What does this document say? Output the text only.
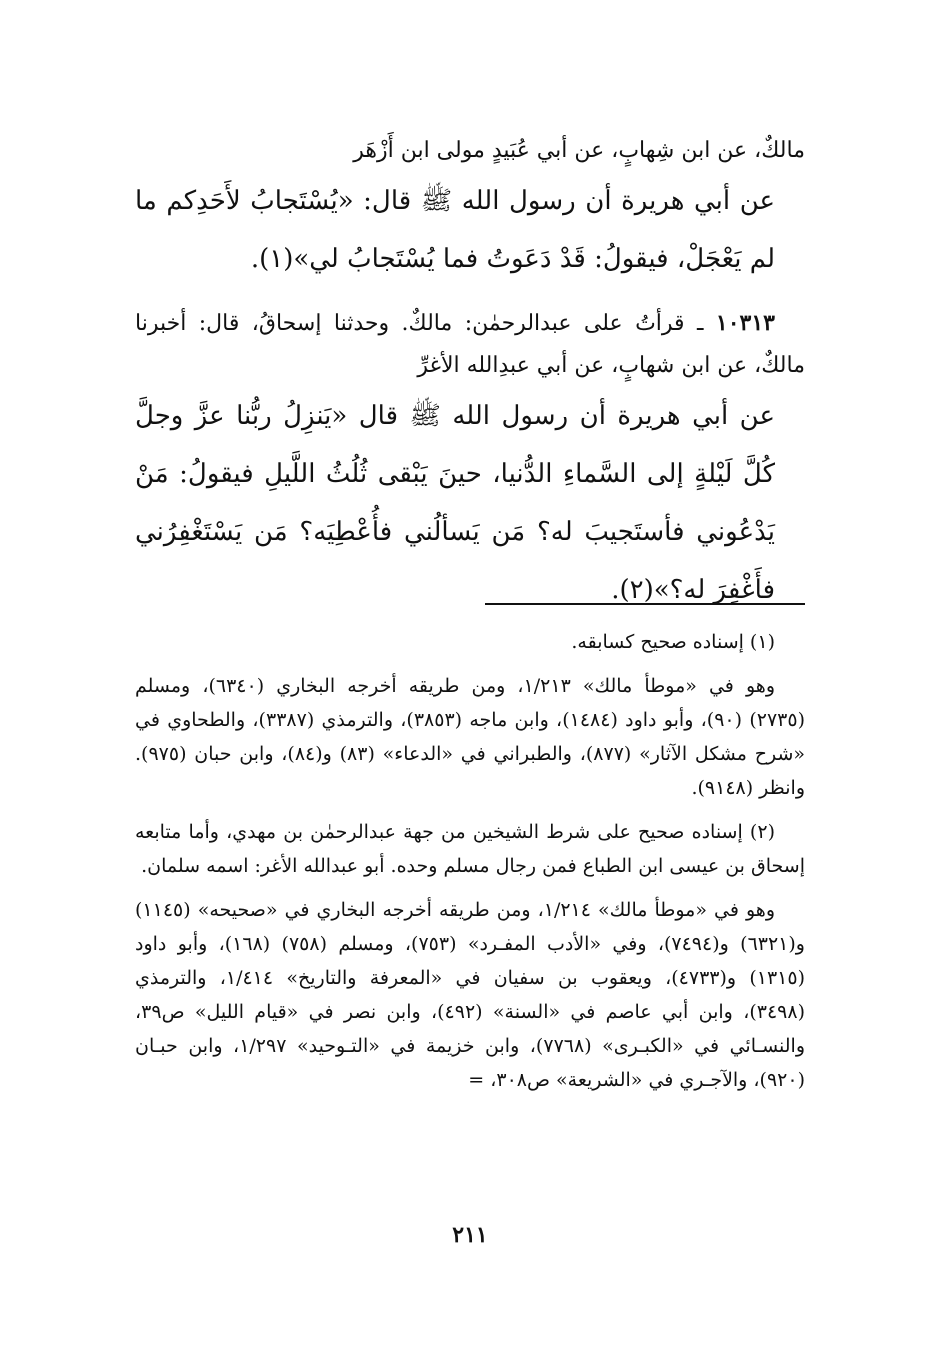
مالكٌ، عن ابن شِهابٍ، عن أبي عُبَيدٍ مولى ابن أَزْهَر

عن أبي هريرة أن رسول الله ﷺ قال: «يُسْتَجابُ لأَحَدِكم ما لم يَعْجَلْ، فيقولُ: قَدْ دَعَوتُ فما يُسْتَجابُ لي»(١).

١٠٣١٣ ـ قرأتُ على عبدالرحمٰن: مالكٌ. وحدثنا إسحاقُ، قال: أخبرنا مالكٌ، عن ابن شهابٍ، عن أبي عبدِالله الأغرِّ

عن أبي هريرة أن رسول الله ﷺ قال «يَنزِلُ ربُّنا عزَّ وجلَّ كُلَّ لَيْلةٍ إلى السَّماءِ الدُّنيا، حينَ يَبْقى ثُلُثُ اللَّيلِ فيقولُ: مَنْ يَدْعُوني فأستَجيبَ له؟ مَن يَسألُني فأُعْطِيَه؟ مَن يَسْتَغْفِرُني فأَغْفِرَ له؟»(٢).

(١) إسناده صحيح كسابقه.

وهو في «موطأ مالك» ١/٢١٣، ومن طريقه أخرجه البخاري (٦٣٤٠)، ومسلم (٢٧٣٥) (٩٠)، وأبو داود (١٤٨٤)، وابن ماجه (٣٨٥٣)، والترمذي (٣٣٨٧)، والطحاوي في «شرح مشكل الآثار» (٨٧٧)، والطبراني في «الدعاء» (٨٣) و(٨٤)، وابن حبان (٩٧٥). وانظر (٩١٤٨).

(٢) إسناده صحيح على شرط الشيخين من جهة عبدالرحمٰن بن مهدي، وأما متابعه إسحاق بن عيسى ابن الطباع فمن رجال مسلم وحده. أبو عبدالله الأغر: اسمه سلمان.

وهو في «موطأ مالك» ١/٢١٤، ومن طريقه أخرجه البخاري في «صحيحه» (١١٤٥) و(٦٣٢١) و(٧٤٩٤)، وفي «الأدب المفـرد» (٧٥٣)، ومسلم (٧٥٨) (١٦٨)، وأبو داود (١٣١٥) و(٤٧٣٣)، ويعقوب بن سفيان في «المعرفة والتاريخ» ١/٤١٤، والترمذي (٣٤٩٨)، وابن أبي عاصم في «السنة» (٤٩٢)، وابن نصر في «قيام الليل» ص٣٩، والنسـائي في «الكبـرى» (٧٧٦٨)، وابن خزيمة في «التـوحيد» ١/٢٩٧، وابن حبـان (٩٢٠)، والآجـري في «الشريعة» ص٣٠٨، =

٢١١
